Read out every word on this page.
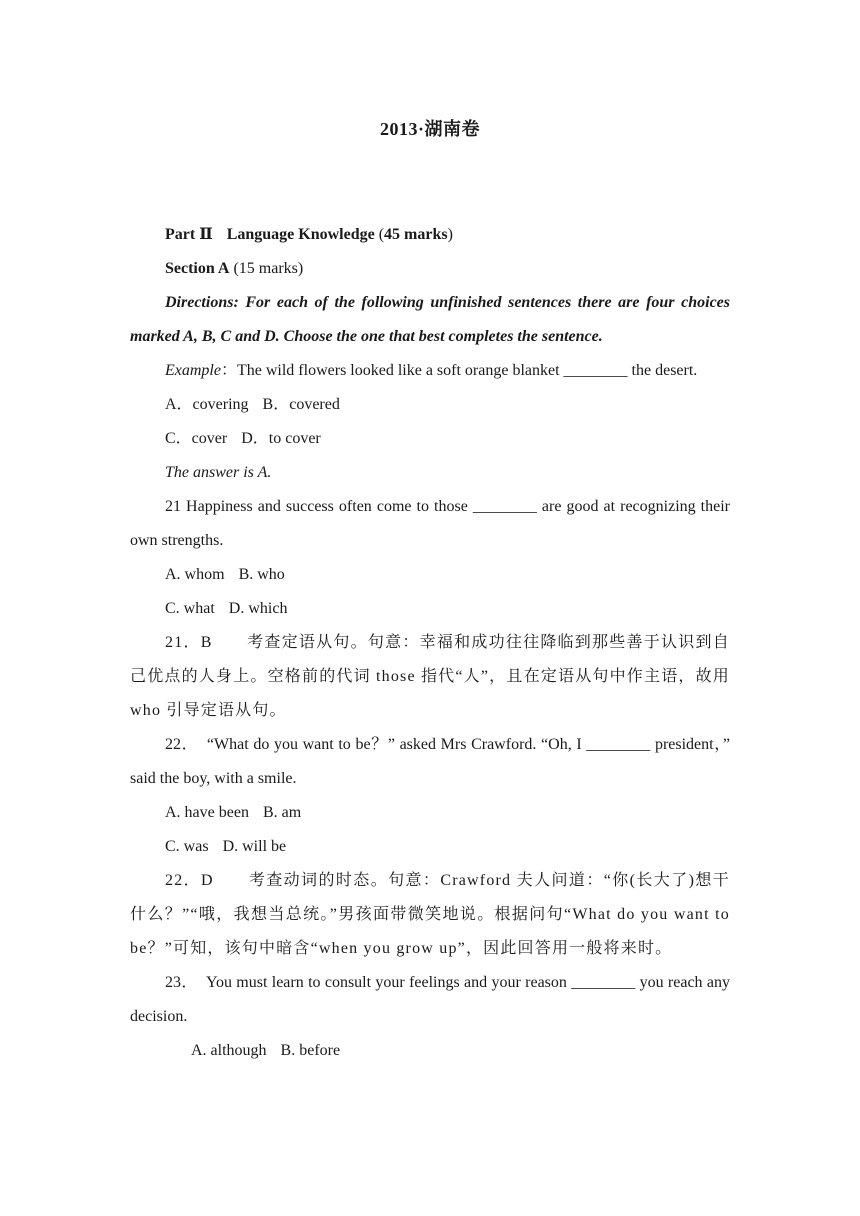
2013·湖南卷
Part Ⅱ Language Knowledge (45 marks)
Section A (15 marks)
Directions: For each of the following unfinished sentences there are four choices marked A, B, C and D. Choose the one that best completes the sentence.
Example：The wild flowers looked like a soft orange blanket ________ the desert.
A．covering B．covered
C．cover D．to cover
The answer is A.
21 Happiness and success often come to those ________ are good at recognizing their own strengths.
A. whom B. who
C. what D. which
21．B　　考查定语从句。句意：幸福和成功往往降临到那些善于认识到自己优点的人身上。空格前的代词 those 指代“人”，且在定语从句中作主语，故用 who 引导定语从句。
22．　“What do you want to be？” asked Mrs Crawford. “Oh, I ________ president，” said the boy, with a smile.
A. have been B. am
C. was D. will be
22．D　　考查动词的时态。句意：Crawford 夫人问道：“你(长大了)想干什么？”“哦，我想当总统。”男孩面带微笑地说。根据问句“What do you want to be？”可知，该句中暗含“when you grow up”，因此回答用一般将来时。
23．　You must learn to consult your feelings and your reason ________ you reach any decision.
A. although B. before
